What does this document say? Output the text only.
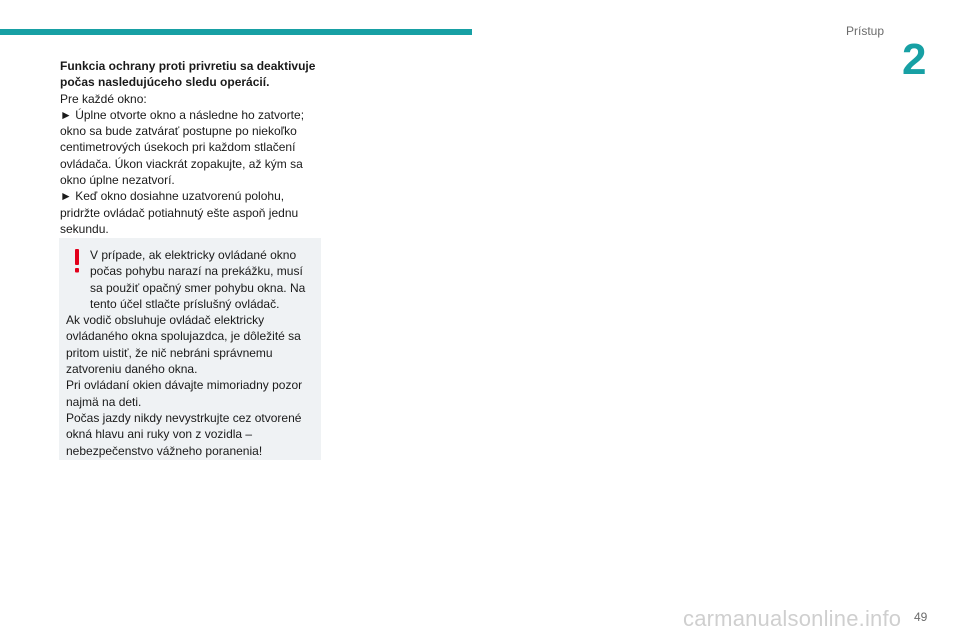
Prístup
2

Funkcia ochrany proti privretiu sa deaktivuje počas nasledujúceho sledu operácií.

Pre každé okno:

► Úplne otvorte okno a následne ho zatvorte; okno sa bude zatvárať postupne po niekoľko centimetrových úsekoch pri každom stlačení ovládača. Úkon viackrát zopakujte, až kým sa okno úplne nezatvorí.

► Keď okno dosiahne uzatvorenú polohu, pridržte ovládač potiahnutý ešte aspoň jednu sekundu.

V prípade, ak elektricky ovládané okno počas pohybu narazí na prekážku, musí sa použiť opačný smer pohybu okna. Na tento účel stlačte príslušný ovládač.

Ak vodič obsluhuje ovládač elektricky ovládaného okna spolujazdca, je dôležité sa pritom uistiť, že nič nebráni správnemu zatvoreniu daného okna.

Pri ovládaní okien dávajte mimoriadny pozor najmä na deti.

Počas jazdy nikdy nevystrkujte cez otvorené okná hlavu ani ruky von z vozidla – nebezpečenstvo vážneho poranenia!

carmanualsonline.info 49
